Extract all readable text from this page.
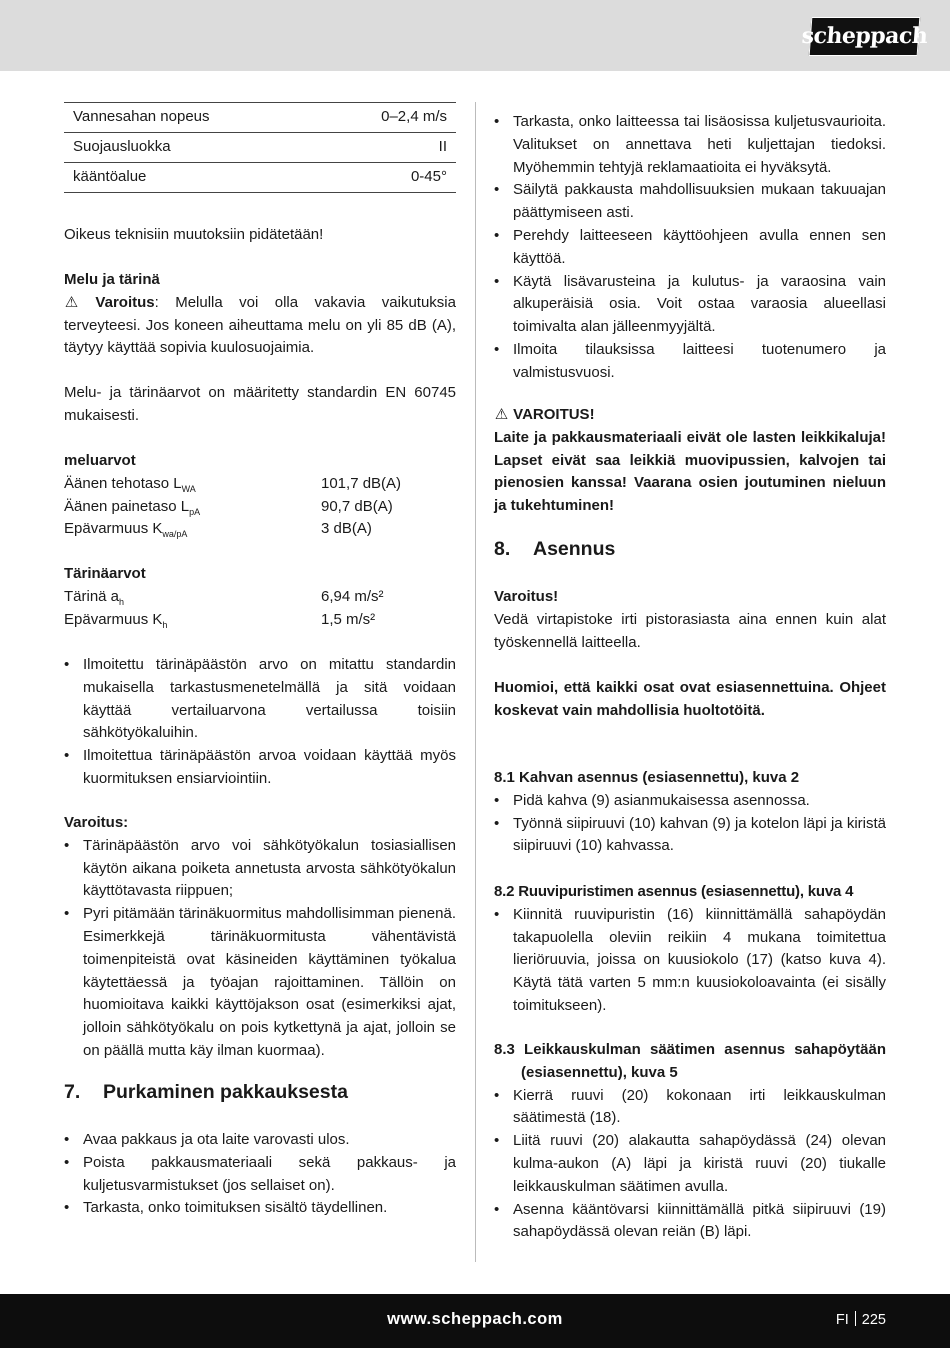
scheppach
Vannesahan nopeus	0–2,4 m/s
Suojausluokka	II
kääntöalue	0-45°

Oikeus teknisiin muutoksiin pidätetään!

Melu ja tärinä

⚠ Varoitus: Melulla voi olla vakavia vaikutuksia terveyteesi. Jos koneen aiheuttama melu on yli 85 dB (A), täytyy käyttää sopivia kuulosuojaimia.

Melu- ja tärinäarvot on määritetty standardin EN 60745 mukaisesti.

meluarvot

Äänen tehotaso $L_{WA}$	101,7 dB(A)
Äänen painetaso $L_{pA}$	90,7 dB(A)
Epävarmuus $K_{wa/pA}$	3 dB(A)

Tärinäarvot

Tärinä $a_h$	6,94 m/s²
Epävarmuus $K_h$	1,5 m/s²

• Ilmoitettu tärinäpäästön arvo on mitattu standardin mukaisella tarkastusmenetelmällä ja sitä voidaan käyttää vertailuarvona vertailussa toisiin sähkötyökaluihin.

• Ilmoitettua tärinäpäästön arvoa voidaan käyttää myös kuormituksen ensiarviointiin.

Varoitus:

• Tärinäpäästön arvo voi sähkötyökalun tosiasiallisen käytön aikana poiketa annetusta arvosta sähkötyökalun käyttötavasta riippuen;

• Pyri pitämään tärinäkuormitus mahdollisimman pienenä. Esimerkkejä tärinäkuormitusta vähentävistä toimenpiteistä ovat käsineiden käyttäminen työkalua käytettäessä ja työajan rajoittaminen. Tällöin on huomioitava kaikki käyttöjakson osat (esimerkiksi ajat, jolloin sähkötyökalu on pois kytkettynä ja ajat, jolloin se on päällä mutta käy ilman kuormaa).

7.	Purkaminen pakkauksesta

• Avaa pakkaus ja ota laite varovasti ulos.

• Poista pakkausmateriaali sekä pakkaus- ja kuljetusvarmistukset (jos sellaiset on).

• Tarkasta, onko toimituksen sisältö täydellinen.

• Tarkasta, onko laitteessa tai lisäosissa kuljetusvaurioita. Valitukset on annettava heti kuljettajan tiedoksi. Myöhemmin tehtyjä reklamaatioita ei hyväksytä.

• Säilytä pakkausta mahdollisuuksien mukaan takuuajan päättymiseen asti.

• Perehdy laitteeseen käyttöohjeen avulla ennen sen käyttöä.

• Käytä lisävarusteina ja kulutus- ja varaosina vain alkuperäisiä osia. Voit ostaa varaosia alueellasi toimivalta alan jälleenmyyjältä.

• Ilmoita tilauksissa laitteesi tuotenumero ja valmistusvuosi.

⚠ VAROITUS!

Laite ja pakkausmateriaali eivät ole lasten leikkikaluja! Lapset eivät saa leikkiä muovipussien, kalvojen tai pienosien kanssa! Vaarana osien joutuminen nieluun ja tukehtuminen!

8.	Asennus

Varoitus!

Vedä virtapistoke irti pistorasiasta aina ennen kuin alat työskennellä laitteella.

Huomioi, että kaikki osat ovat esiasennettuina. Ohjeet koskevat vain mahdollisia huoltotöitä.

8.1 Kahvan asennus (esiasennettu), kuva 2

• Pidä kahva (9) asianmukaisessa asennossa.

• Työnnä siipiruuvi (10) kahvan (9) ja kotelon läpi ja kiristä siipiruuvi (10) kahvassa.

8.2 Ruuvipuristimen asennus (esiasennettu), kuva 4

• Kiinnitä ruuvipuristin (16) kiinnittämällä sahapöydän takapuolella oleviin reikiin 4 mukana toimitettua lieriöruuvia, joissa on kuusiokolo (17) (katso kuva 4). Käytä tätä varten 5 mm:n kuusiokoloavainta (ei sisälly toimitukseen).

8.3 Leikkauskulman säätimen asennus sahapöytään (esiasennettu), kuva 5

• Kierrä ruuvi (20) kokonaan irti leikkauskulman säätimestä (18).

• Liitä ruuvi (20) alakautta sahapöydässä (24) olevan kulma-aukon (A) läpi ja kiristä ruuvi (20) tiukalle leikkauskulman säätimen avulla.

• Asenna kääntövarsi kiinnittämällä pitkä siipiruuvi (19) sahapöydässä olevan reiän (B) läpi.

www.scheppach.com	FI 225
